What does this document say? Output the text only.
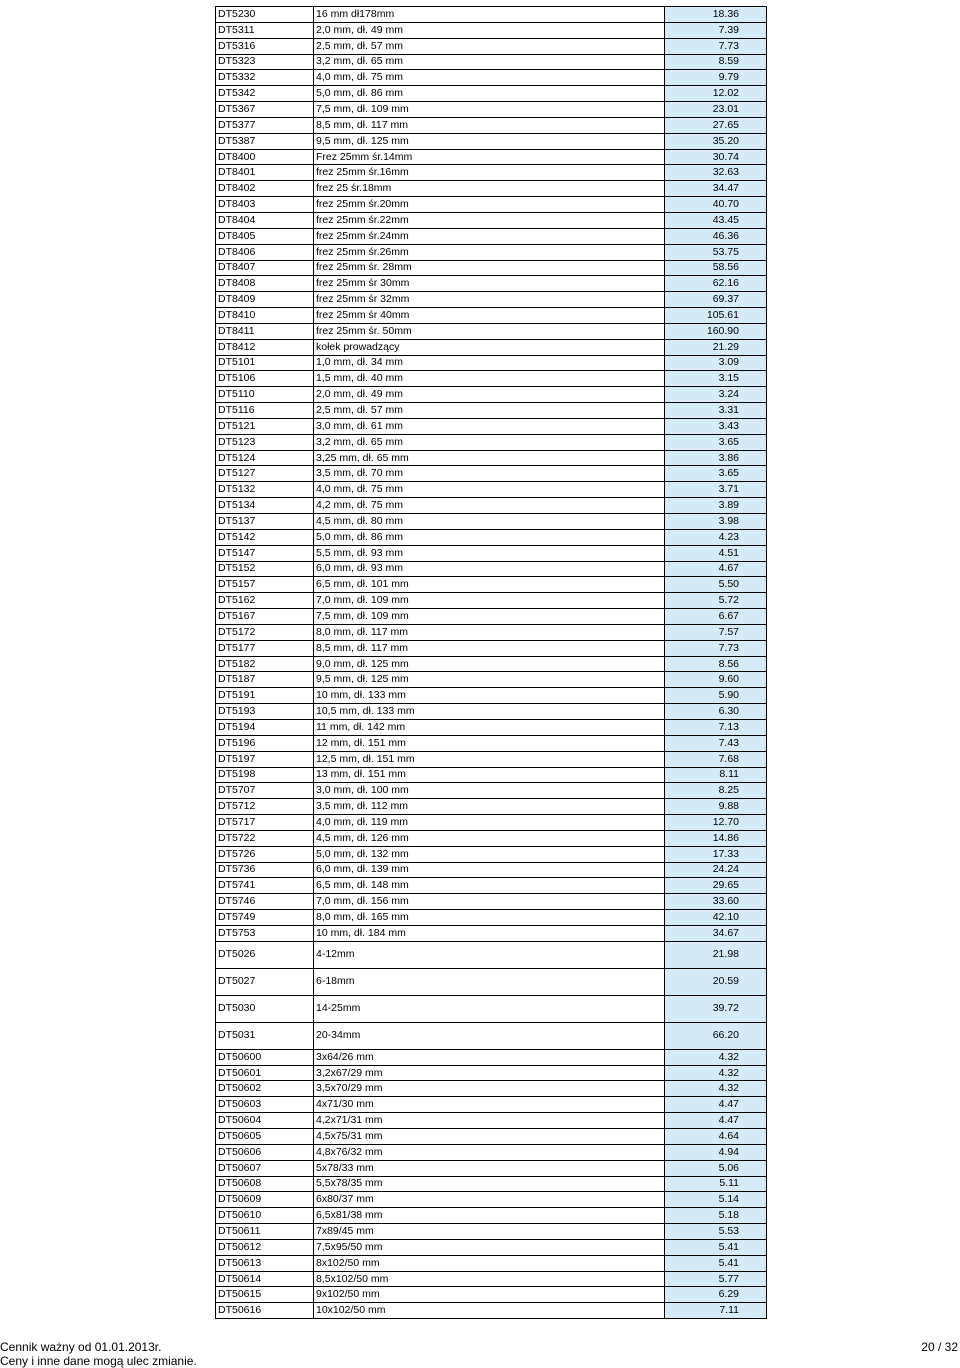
DT5230	16 mm dł178mm	18.36
DT5311	2,0 mm, dł. 49 mm	7.39
DT5316	2,5 mm, dł. 57 mm	7.73
DT5323	3,2 mm, dł. 65 mm	8.59
DT5332	4,0 mm, dł. 75 mm	9.79
DT5342	5,0 mm, dł. 86 mm	12.02
DT5367	7,5 mm, dł. 109 mm	23.01
DT5377	8,5 mm, dł. 117 mm	27.65
DT5387	9,5 mm, dł. 125 mm	35.20
DT8400	Frez 25mm śr.14mm	30.74
DT8401	frez 25mm śr.16mm	32.63
DT8402	frez 25 śr.18mm	34.47
DT8403	frez 25mm śr.20mm	40.70
DT8404	frez 25mm śr.22mm	43.45
DT8405	frez 25mm śr.24mm	46.36
DT8406	frez 25mm śr.26mm	53.75
DT8407	frez 25mm śr. 28mm	58.56
DT8408	frez 25mm śr 30mm	62.16
DT8409	frez 25mm śr 32mm	69.37
DT8410	frez 25mm śr 40mm	105.61
DT8411	frez 25mm śr. 50mm	160.90
DT8412	kołek prowadzący	21.29
DT5101	1,0 mm, dł. 34 mm	3.09
DT5106	1,5 mm, dł. 40 mm	3.15
DT5110	2,0 mm, dł. 49 mm	3.24
DT5116	2,5 mm, dł. 57 mm	3.31
DT5121	3,0 mm, dł. 61 mm	3.43
DT5123	3,2 mm, dł. 65 mm	3.65
DT5124	3,25 mm, dł. 65 mm	3.86
DT5127	3,5 mm, dł. 70 mm	3.65
DT5132	4,0 mm, dł. 75 mm	3.71
DT5134	4,2 mm, dł. 75 mm	3.89
DT5137	4,5 mm, dł. 80 mm	3.98
DT5142	5,0 mm, dł. 86 mm	4.23
DT5147	5,5 mm, dł. 93 mm	4.51
DT5152	6,0 mm, dł. 93 mm	4.67
DT5157	6,5 mm, dł. 101 mm	5.50
DT5162	7,0 mm, dł. 109 mm	5.72
DT5167	7,5 mm, dł. 109 mm	6.67
DT5172	8,0 mm, dł. 117 mm	7.57
DT5177	8,5 mm, dł. 117 mm	7.73
DT5182	9,0 mm, dł. 125 mm	8.56
DT5187	9,5 mm, dł. 125 mm	9.60
DT5191	10 mm, dł. 133 mm	5.90
DT5193	10,5 mm, dł. 133 mm	6.30
DT5194	11 mm, dł. 142 mm	7.13
DT5196	12 mm, dł. 151 mm	7.43
DT5197	12,5 mm, dł. 151 mm	7.68
DT5198	13 mm, dł. 151 mm	8.11
DT5707	3,0 mm, dł. 100 mm	8.25
DT5712	3,5 mm, dł. 112 mm	9.88
DT5717	4,0 mm, dł. 119 mm	12.70
DT5722	4,5 mm, dł. 126 mm	14.86
DT5726	5,0 mm, dł. 132 mm	17.33
DT5736	6,0 mm, dł. 139 mm	24.24
DT5741	6,5 mm, dł. 148 mm	29.65
DT5746	7,0 mm, dł. 156 mm	33.60
DT5749	8,0 mm, dł. 165 mm	42.10
DT5753	10 mm, dł. 184 mm	34.67
DT5026	4-12mm	21.98
DT5027	6-18mm	20.59
DT5030	14-25mm	39.72
DT5031	20-34mm	66.20
DT50600	3x64/26 mm	4.32
DT50601	3,2x67/29 mm	4.32
DT50602	3,5x70/29 mm	4.32
DT50603	4x71/30 mm	4.47
DT50604	4,2x71/31 mm	4.47
DT50605	4,5x75/31 mm	4.64
DT50606	4,8x76/32 mm	4.94
DT50607	5x78/33 mm	5.06
DT50608	5,5x78/35 mm	5.11
DT50609	6x80/37 mm	5.14
DT50610	6,5x81/38 mm	5.18
DT50611	7x89/45 mm	5.53
DT50612	7,5x95/50 mm	5.41
DT50613	8x102/50 mm	5.41
DT50614	8,5x102/50 mm	5.77
DT50615	9x102/50 mm	6.29
DT50616	10x102/50 mm	7.11
Cennik ważny od 01.01.2013r.
Ceny i inne dane mogą ulec zmianie.
20 / 32
